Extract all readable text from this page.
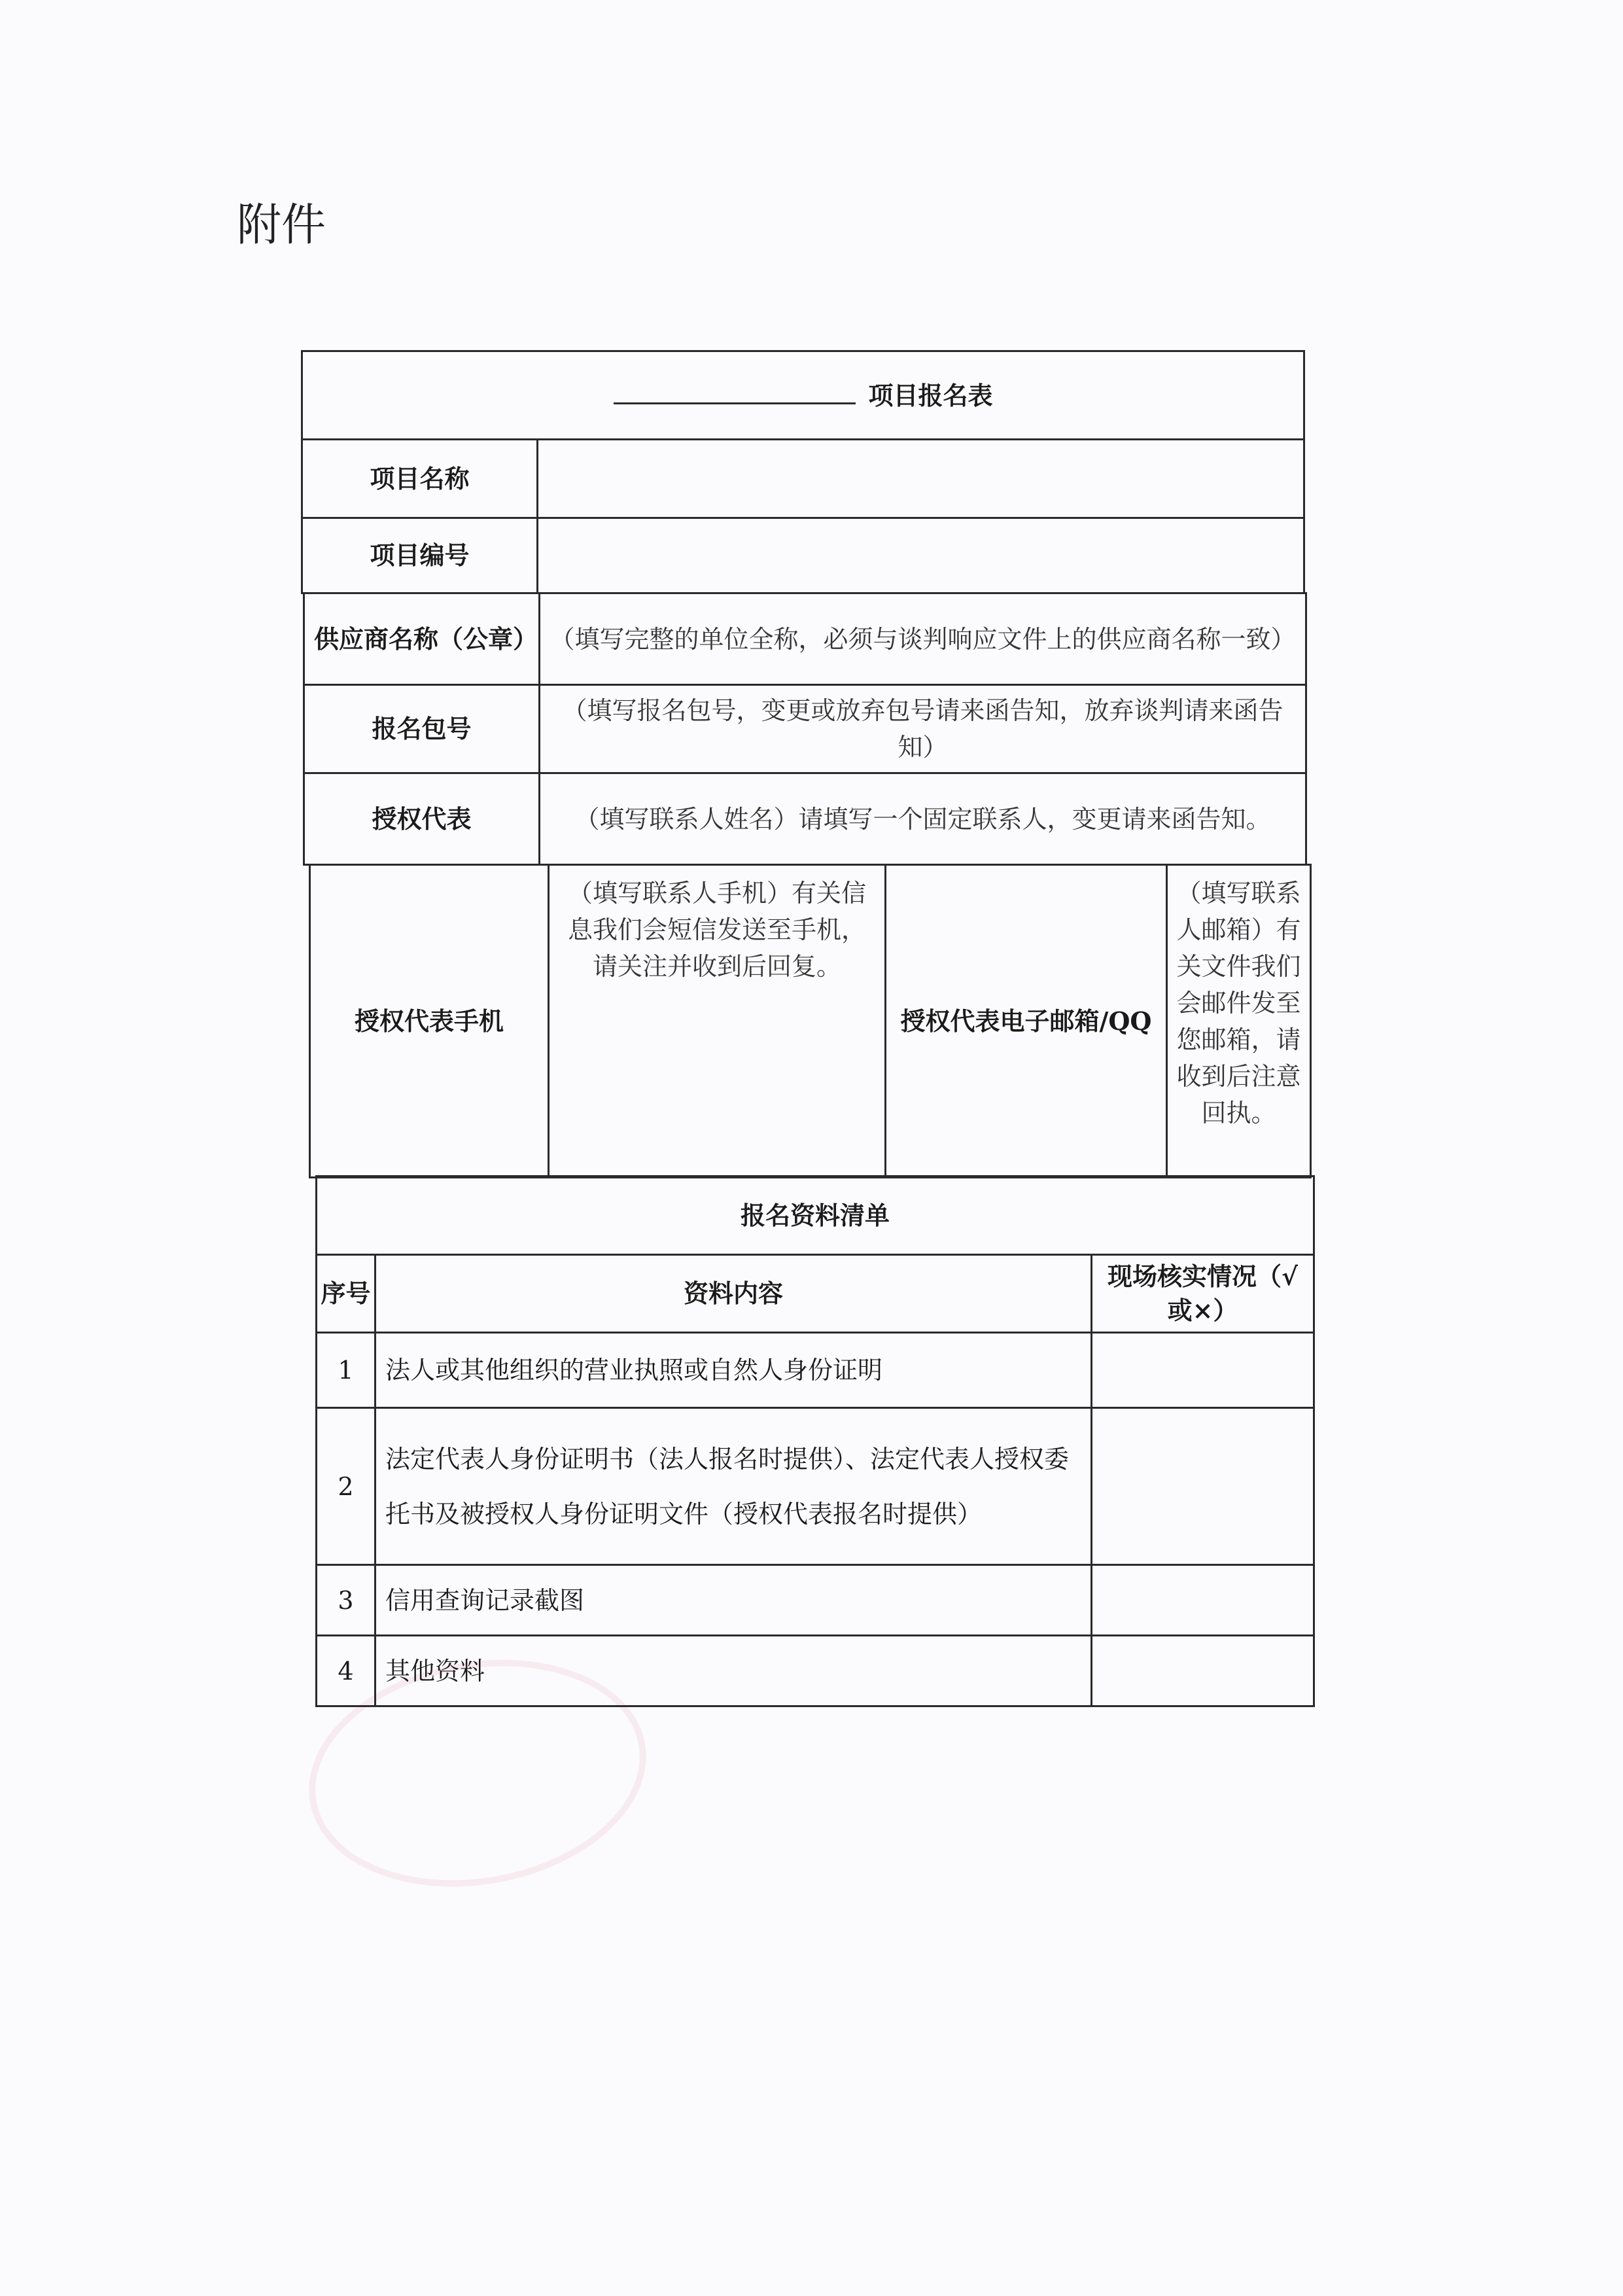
附件
项目报名表	
项目名称	
项目编号	
供应商名称（公章）	（填写完整的单位全称，必须与谈判响应文件上的供应商名称一致）
报名包号	（填写报名包号，变更或放弃包号请来函告知，放弃谈判请来函告知）
授权代表	（填写联系人姓名）请填写一个固定联系人，变更请来函告知。
授权代表手机	（填写联系人手机）有关信息我们会短信发送至手机，请关注并收到后回复。	授权代表电子邮箱/QQ	（填写联系人邮箱）有关文件我们会邮件发至您邮箱，请收到后注意回执。
报名资料清单		
序号	资料内容	现场核实情况（√或×）
1	法人或其他组织的营业执照或自然人身份证明	
2	法定代表人身份证明书（法人报名时提供）、法定代表人授权委托书及被授权人身份证明文件（授权代表报名时提供）	
3	信用查询记录截图	
4	其他资料	
